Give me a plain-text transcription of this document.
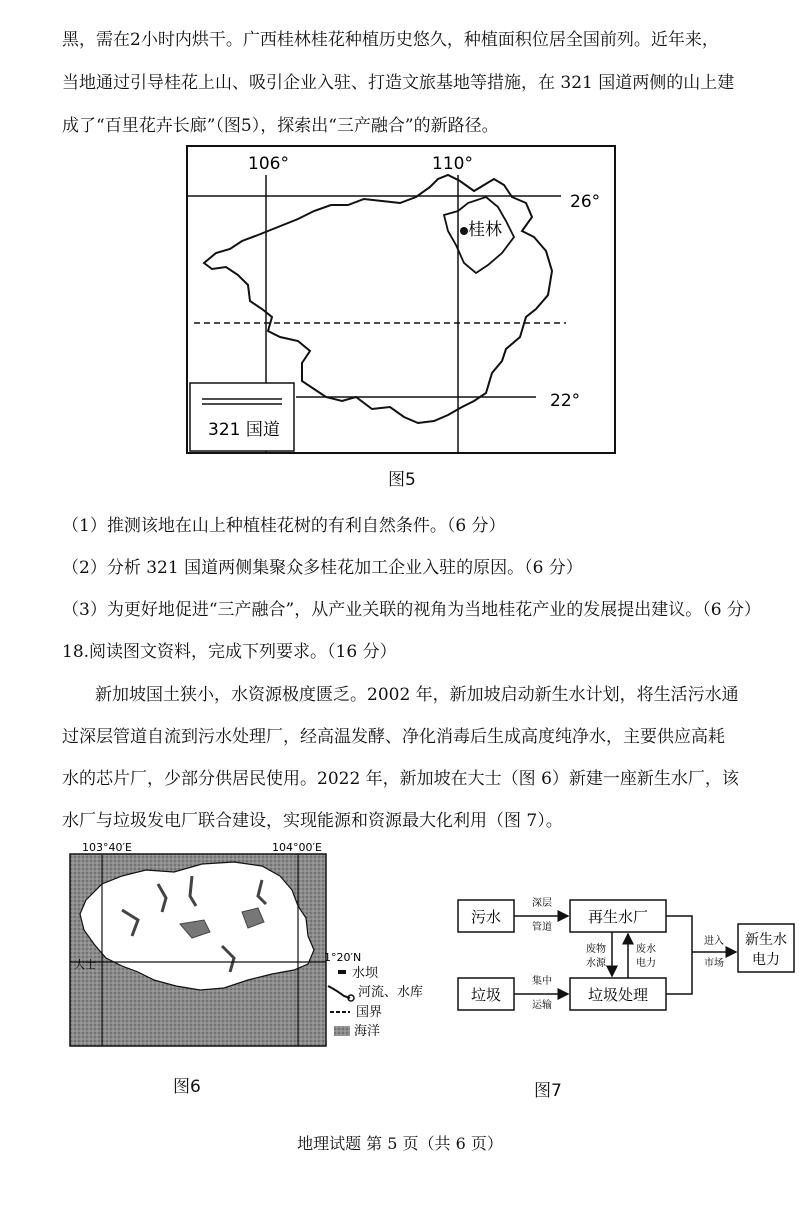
黑，需在2小时内烘干。广西桂林桂花种植历史悠久，种植面积位居全国前列。近年来，
当地通过引导桂花上山、吸引企业入驻、打造文旅基地等措施，在 321 国道两侧的山上建
成了“百里花卉长廊”（图5），探索出“三产融合”的新路径。
106°	110°
26°
22°
桂林
321 国道
图5
（1）推测该地在山上种植桂花树的有利自然条件。（6 分）
（2）分析 321 国道两侧集聚众多桂花加工企业入驻的原因。（6 分）
（3）为更好地促进“三产融合”，从产业关联的视角为当地桂花产业的发展提出建议。（6 分）
18.阅读图文资料，完成下列要求。（16 分）
新加坡国土狭小，水资源极度匮乏。2002 年，新加坡启动新生水计划，将生活污水通
过深层管道自流到污水处理厂，经高温发酵、净化消毒后生成高度纯净水，主要供应高耗
水的芯片厂，少部分供居民使用。2022 年，新加坡在大士（图 6）新建一座新生水厂，该
水厂与垃圾发电厂联合建设，实现能源和资源最大化利用（图 7）。
103°40′E	104°00′E
1°20′N
大士
水坝
河流、水库
国界
海洋
图6
污水	再生水厂
垃圾	垃圾处理
新生水
电力
深层
管道
集中
运输
废物
水源
废水
电力
进入
市场
图7
地理试题 第 5 页（共 6 页）
